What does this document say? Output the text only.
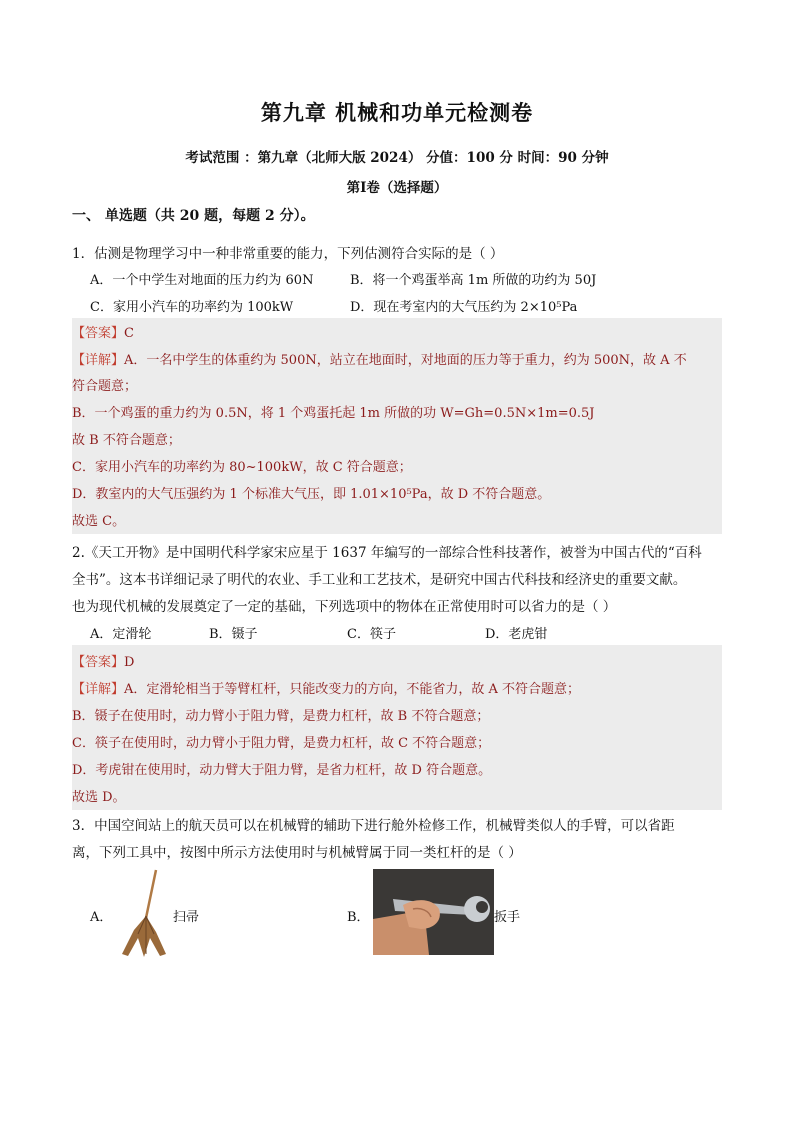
第九章 机械和功单元检测卷
考试范围 ：第九章（北师大版 2024） 分值：100 分 时间：90 分钟
第Ⅰ卷（选择题）
一、 单选题（共 20 题，每题 2 分）。
1．估测是物理学习中一种非常重要的能力，下列估测符合实际的是（ ）
A．一个中学生对地面的压力约为 60N	B．将一个鸡蛋举高 1m 所做的功约为 50J
C．家用小汽车的功率约为 100kW	D．现在考室内的大气压约为 2×10⁵Pa
【答案】C
【详解】A．一名中学生的体重约为 500N，站立在地面时，对地面的压力等于重力，约为 500N，故 A 不
符合题意；
B．一个鸡蛋的重力约为 0.5N，将 1 个鸡蛋托起 1m 所做的功 W=Gh=0.5N×1m=0.5J
故 B 不符合题意；
C．家用小汽车的功率约为 80~100kW，故 C 符合题意；
D．教室内的大气压强约为 1 个标准大气压，即 1.01×10⁵Pa，故 D 不符合题意。
故选 C。
2.《天工开物》是中国明代科学家宋应星于 1637 年编写的一部综合性科技著作，被誉为中国古代的“百科
全书”。这本书详细记录了明代的农业、手工业和工艺技术，是研究中国古代科技和经济史的重要文献。
也为现代机械的发展奠定了一定的基础，下列选项中的物体在正常使用时可以省力的是（ ）
A．定滑轮	B．镊子	C．筷子	D．老虎钳
【答案】D
【详解】A．定滑轮相当于等臂杠杆，只能改变力的方向，不能省力，故 A 不符合题意；
B．镊子在使用时，动力臂小于阻力臂，是费力杠杆，故 B 不符合题意；
C．筷子在使用时，动力臂小于阻力臂，是费力杠杆，故 C 不符合题意；
D．考虎钳在使用时，动力臂大于阻力臂，是省力杠杆，故 D 符合题意。
故选 D。
3．中国空间站上的航天员可以在机械臂的辅助下进行舱外检修工作，机械臂类似人的手臂，可以省距
离，下列工具中，按图中所示方法使用时与机械臂属于同一类杠杆的是（ ）
A．	扫帚	B．	扳手
